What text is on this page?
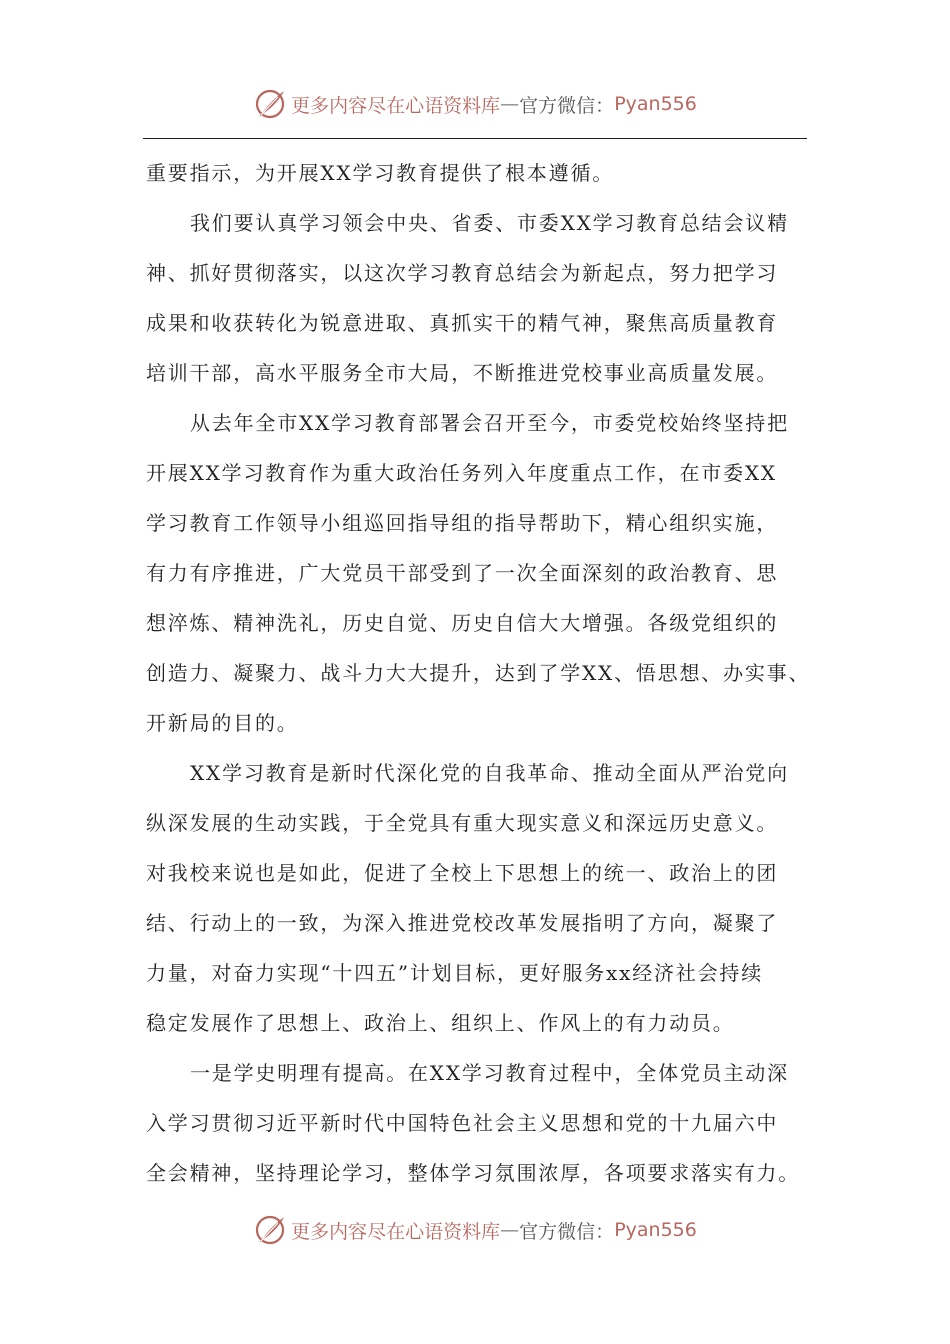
更多内容尽在心语资料库 — 官方微信： Pyan556
重要指示，为开展XX学习教育提供了根本遵循。
我们要认真学习领会中央、省委、市委XX学习教育总结会议精
神、抓好贯彻落实，以这次学习教育总结会为新起点，努力把学习
成果和收获转化为锐意进取、真抓实干的精气神，聚焦高质量教育
培训干部，高水平服务全市大局，不断推进党校事业高质量发展。
从去年全市XX学习教育部署会召开至今，市委党校始终坚持把
开展XX学习教育作为重大政治任务列入年度重点工作，在市委XX
学习教育工作领导小组巡回指导组的指导帮助下，精心组织实施，
有力有序推进，广大党员干部受到了一次全面深刻的政治教育、思
想淬炼、精神洗礼，历史自觉、历史自信大大增强。各级党组织的
创造力、凝聚力、战斗力大大提升，达到了学XX、悟思想、办实事、
开新局的目的。
XX学习教育是新时代深化党的自我革命、推动全面从严治党向
纵深发展的生动实践，于全党具有重大现实意义和深远历史意义。
对我校来说也是如此，促进了全校上下思想上的统一、政治上的团
结、行动上的一致，为深入推进党校改革发展指明了方向，凝聚了
力量，对奋力实现“十四五”计划目标，更好服务xx经济社会持续
稳定发展作了思想上、政治上、组织上、作风上的有力动员。
一是学史明理有提高。在XX学习教育过程中，全体党员主动深
入学习贯彻习近平新时代中国特色社会主义思想和党的十九届六中
全会精神，坚持理论学习，整体学习氛围浓厚，各项要求落实有力。
更多内容尽在心语资料库 — 官方微信： Pyan556
